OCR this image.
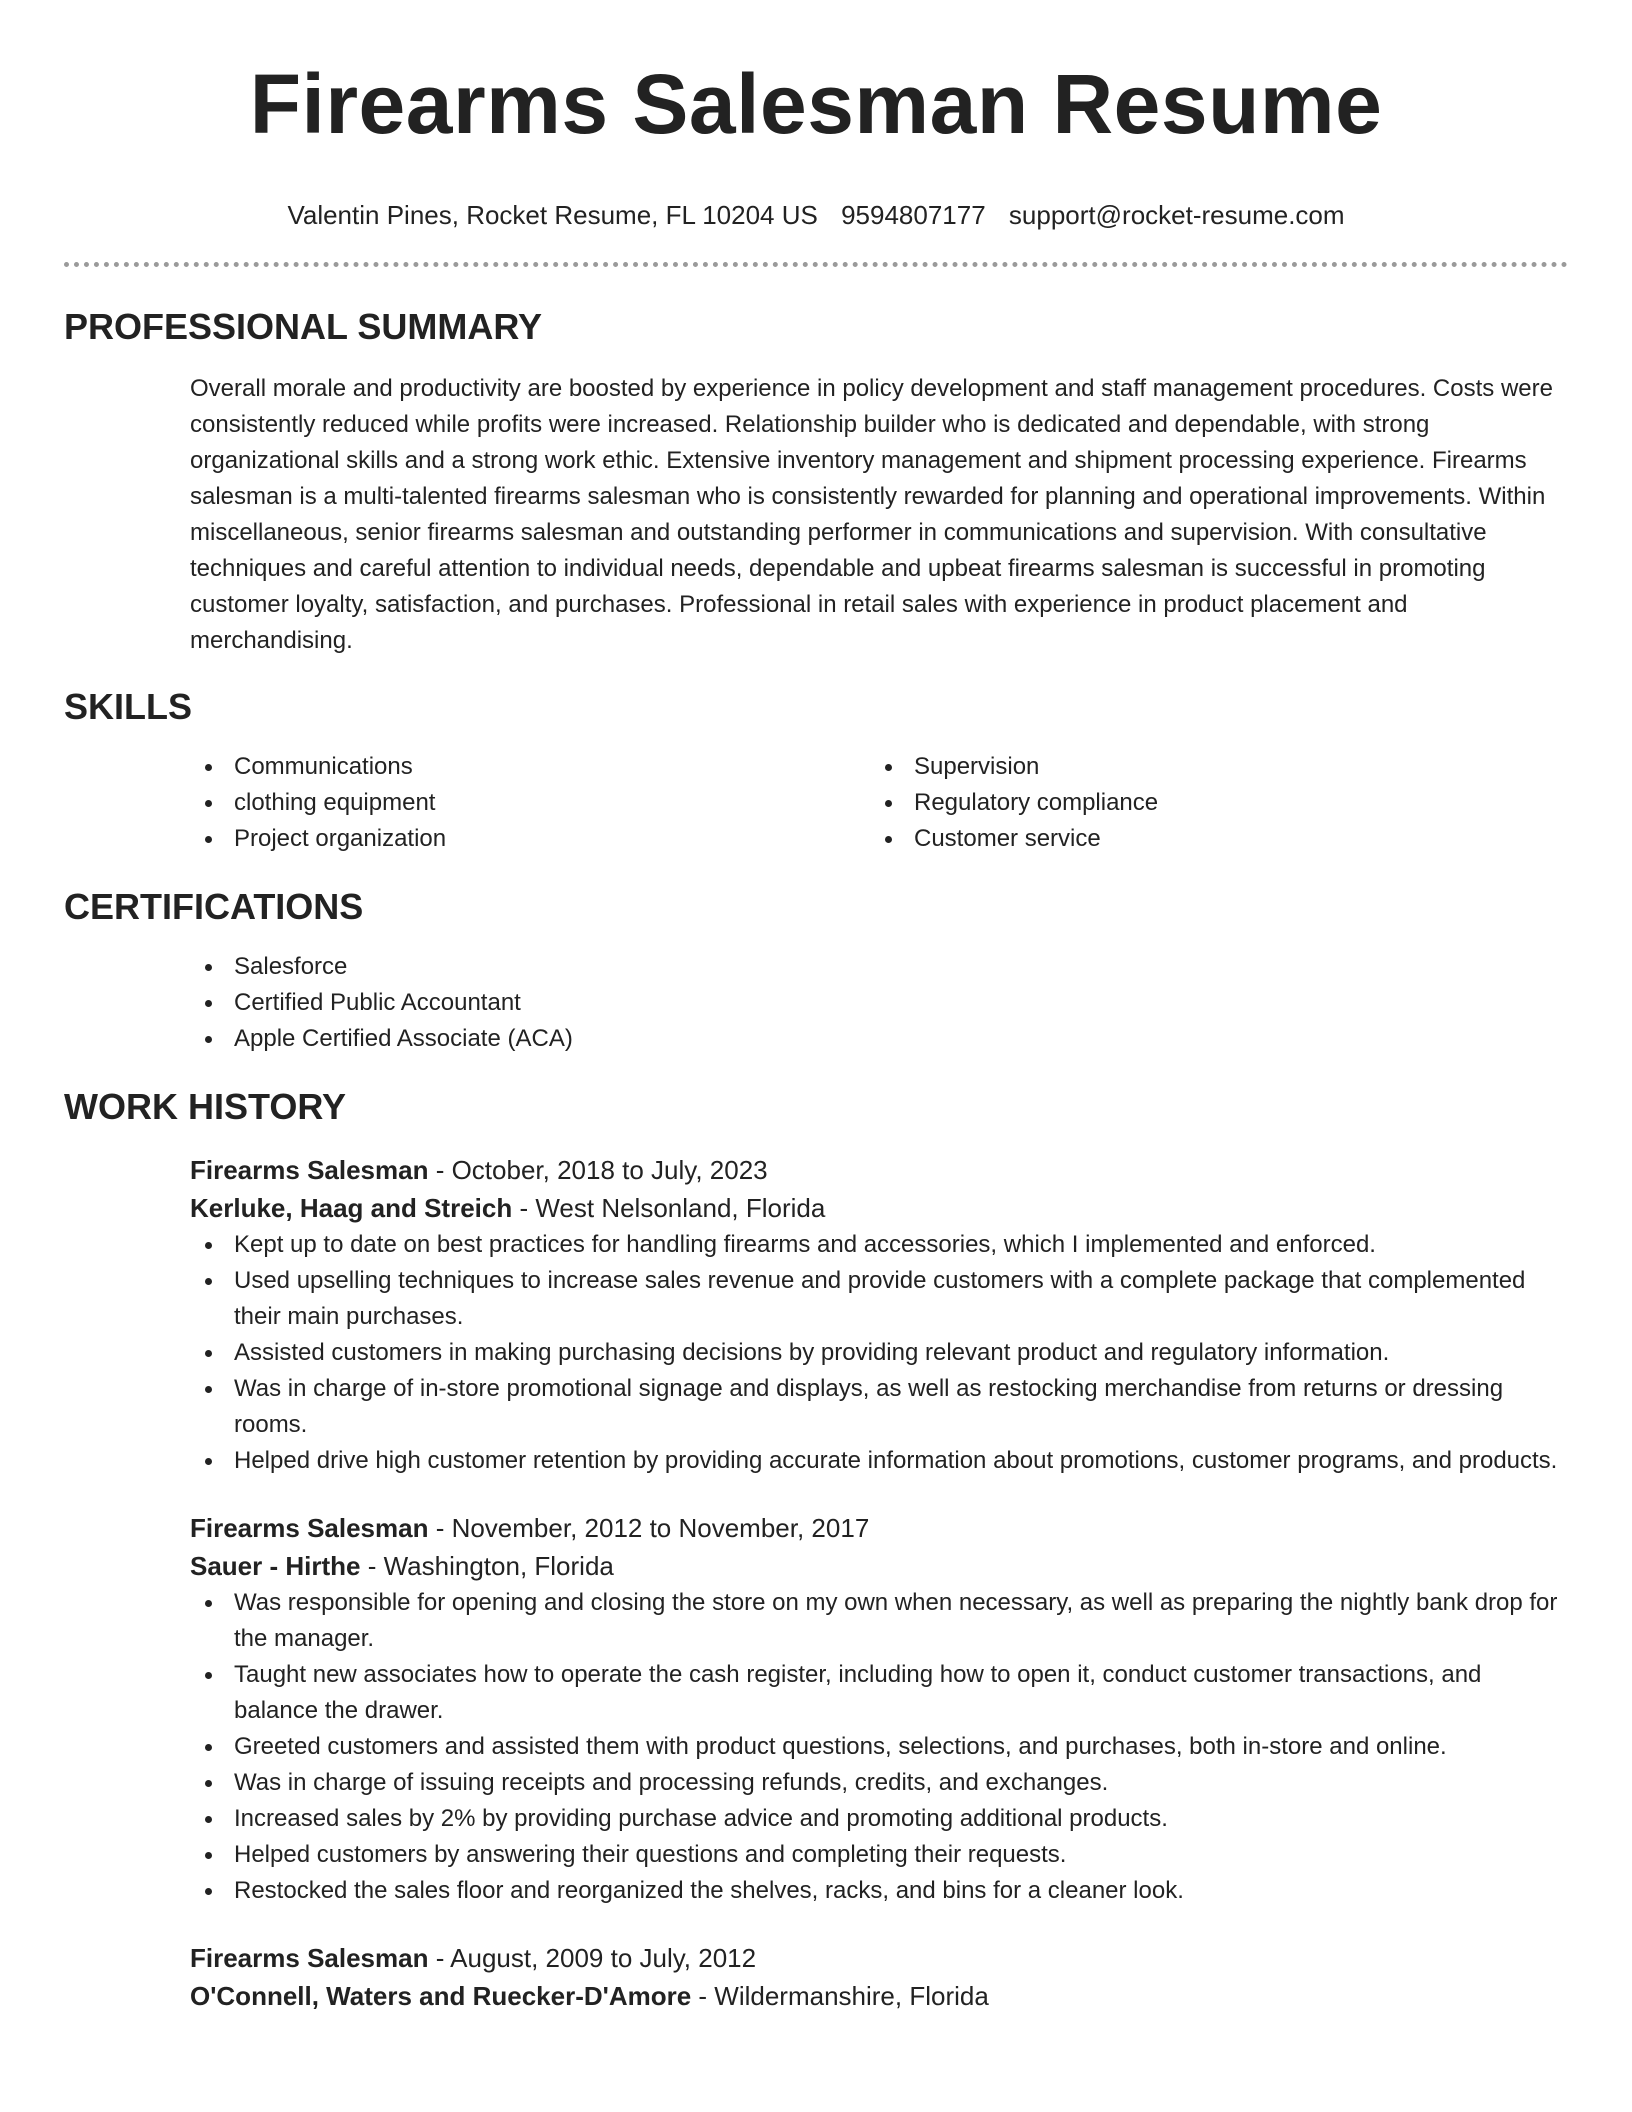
Firearms Salesman Resume
Valentin Pines, Rocket Resume, FL 10204 US 9594807177 support@rocket-resume.com
PROFESSIONAL SUMMARY

Overall morale and productivity are boosted by experience in policy development and staff management procedures. Costs were consistently reduced while profits were increased. Relationship builder who is dedicated and dependable, with strong organizational skills and a strong work ethic. Extensive inventory management and shipment processing experience. Firearms salesman is a multi-talented firearms salesman who is consistently rewarded for planning and operational improvements. Within miscellaneous, senior firearms salesman and outstanding performer in communications and supervision. With consultative techniques and careful attention to individual needs, dependable and upbeat firearms salesman is successful in promoting customer loyalty, satisfaction, and purchases. Professional in retail sales with experience in product placement and merchandising.

SKILLS
Communications
clothing equipment
Project organization
Supervision
Regulatory compliance
Customer service
CERTIFICATIONS
Salesforce
Certified Public Accountant
Apple Certified Associate (ACA)
WORK HISTORY
Firearms Salesman - October, 2018 to July, 2023
Kerluke, Haag and Streich - West Nelsonland, Florida
Kept up to date on best practices for handling firearms and accessories, which I implemented and enforced.
Used upselling techniques to increase sales revenue and provide customers with a complete package that complemented their main purchases.
Assisted customers in making purchasing decisions by providing relevant product and regulatory information.
Was in charge of in-store promotional signage and displays, as well as restocking merchandise from returns or dressing rooms.
Helped drive high customer retention by providing accurate information about promotions, customer programs, and products.
Firearms Salesman - November, 2012 to November, 2017
Sauer - Hirthe - Washington, Florida
Was responsible for opening and closing the store on my own when necessary, as well as preparing the nightly bank drop for the manager.
Taught new associates how to operate the cash register, including how to open it, conduct customer transactions, and balance the drawer.
Greeted customers and assisted them with product questions, selections, and purchases, both in-store and online.
Was in charge of issuing receipts and processing refunds, credits, and exchanges.
Increased sales by 2% by providing purchase advice and promoting additional products.
Helped customers by answering their questions and completing their requests.
Restocked the sales floor and reorganized the shelves, racks, and bins for a cleaner look.
Firearms Salesman - August, 2009 to July, 2012
O'Connell, Waters and Ruecker-D'Amore - Wildermanshire, Florida
